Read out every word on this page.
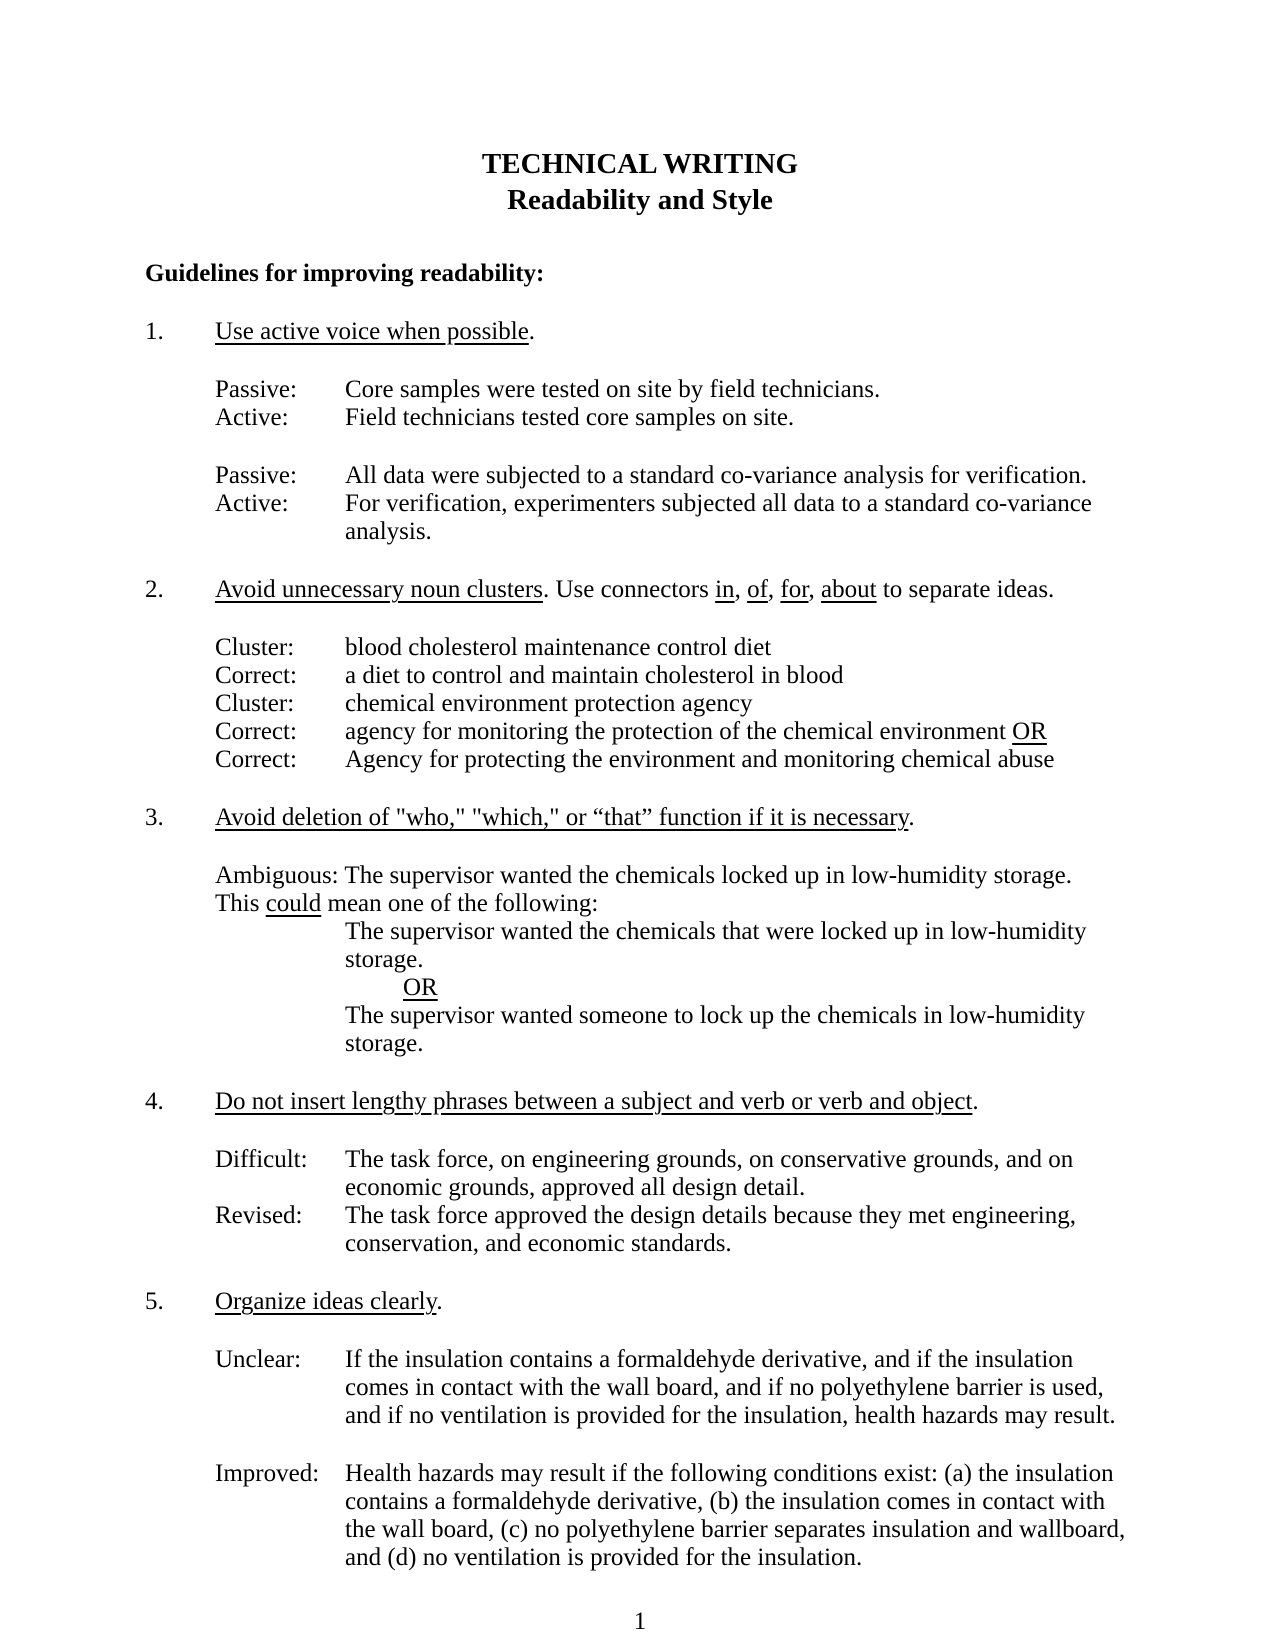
TECHNICAL WRITING
Readability and Style
Guidelines for improving readability:
1. Use active voice when possible.
Passive:	Core samples were tested on site by field technicians.
Active:	Field technicians tested core samples on site.
Passive:	All data were subjected to a standard co-variance analysis for verification.
Active:	For verification, experimenters subjected all data to a standard co-variance analysis.
2. Avoid unnecessary noun clusters. Use connectors in, of, for, about to separate ideas.
Cluster:	blood cholesterol maintenance control diet
Correct:	a diet to control and maintain cholesterol in blood
Cluster:	chemical environment protection agency
Correct:	agency for monitoring the protection of the chemical environment OR
Correct:	Agency for protecting the environment and monitoring chemical abuse
3. Avoid deletion of "who," "which," or “that” function if it is necessary.
Ambiguous: The supervisor wanted the chemicals locked up in low-humidity storage.
This could mean one of the following:
The supervisor wanted the chemicals that were locked up in low-humidity storage.
OR
The supervisor wanted someone to lock up the chemicals in low-humidity storage.
4. Do not insert lengthy phrases between a subject and verb or verb and object.
Difficult:	The task force, on engineering grounds, on conservative grounds, and on economic grounds, approved all design detail.
Revised:	The task force approved the design details because they met engineering, conservation, and economic standards.
5. Organize ideas clearly.
Unclear:	If the insulation contains a formaldehyde derivative, and if the insulation comes in contact with the wall board, and if no polyethylene barrier is used, and if no ventilation is provided for the insulation, health hazards may result.
Improved:	Health hazards may result if the following conditions exist: (a) the insulation contains a formaldehyde derivative, (b) the insulation comes in contact with the wall board, (c) no polyethylene barrier separates insulation and wallboard, and (d) no ventilation is provided for the insulation.
1
